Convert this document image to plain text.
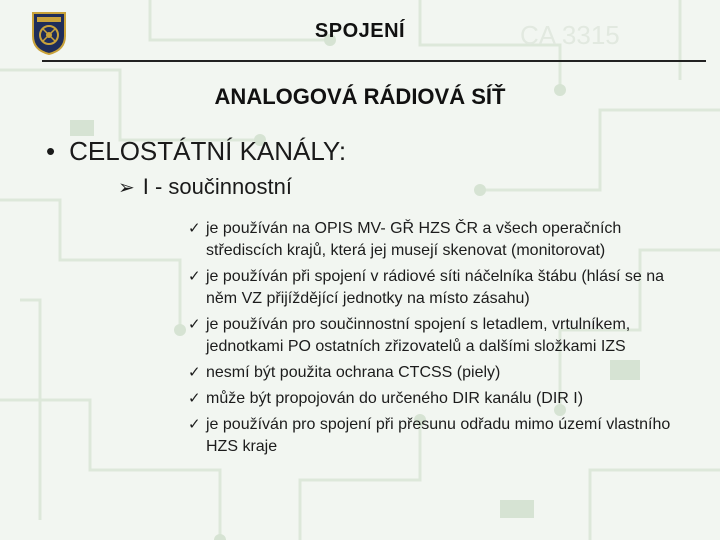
CA 3315
SPOJENÍ
ANALOGOVÁ RÁDIOVÁ SÍŤ
• CELOSTÁTNÍ KANÁLY:
➢ I - součinnostní
✓ je používán na OPIS MV- GŘ HZS ČR a všech operačních střediscích krajů, která jej musejí skenovat (monitorovat)
✓ je používán při spojení v rádiové síti náčelníka štábu (hlásí se na něm VZ přijíždějící jednotky na místo zásahu)
✓ je používán pro součinnostní spojení s letadlem, vrtulníkem, jednotkami PO ostatních zřizovatelů a dalšími složkami IZS
✓ nesmí být použita ochrana CTCSS (piely)
✓ může být propojován do určeného DIR kanálu (DIR I)
✓ je používán pro spojení při přesunu odřadu mimo území vlastního HZS kraje
